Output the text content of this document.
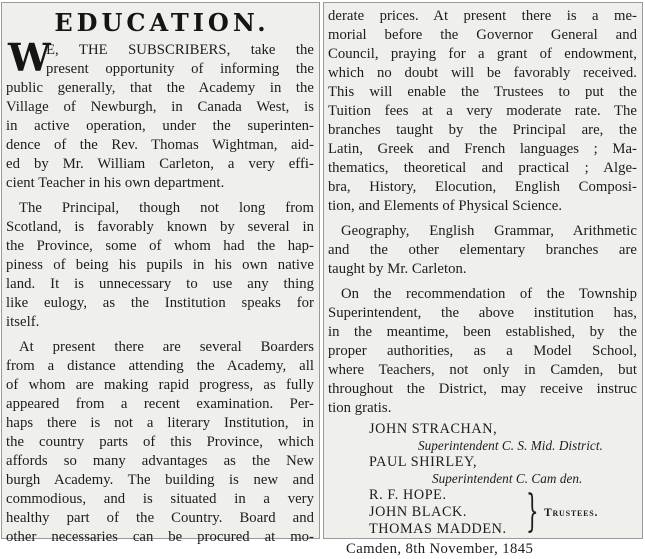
EDUCATION.
W
E, THE SUBSCRIBERS, take the
present opportunity of informing the
public generally, that the Academy in the
Village of Newburgh, in Canada West, is
in active operation, under the superinten-
dence of the Rev. Thomas Wightman, aid-
ed by Mr. William Carleton, a very effi-
cient Teacher in his own department.
The Principal, though not long from
Scotland, is favorably known by several in
the Province, some of whom had the hap-
piness of being his pupils in his own native
land. It is unnecessary to use any thing
like eulogy, as the Institution speaks for
itself.
At present there are several Boarders
from a distance attending the Academy, all
of whom are making rapid progress, as fully
appeared from a recent examination. Per-
haps there is not a literary Institution, in
the country parts of this Province, which
affords so many advantages as the New
burgh Academy. The building is new and
commodious, and is situated in a very
healthy part of the Country. Board and
other necessaries can be procured at mo-
derate prices. At present there is a me-
morial before the Governor General and
Council, praying for a grant of endowment,
which no doubt will be favorably received.
This will enable the Trustees to put the
Tuition fees at a very moderate rate. The
branches taught by the Principal are, the
Latin, Greek and French languages ; Ma-
thematics, theoretical and practical ; Alge-
bra, History, Elocution, English Composi-
tion, and Elements of Physical Science.
Geography, English Grammar, Arithmetic
and the other elementary branches are
taught by Mr. Carleton.
On the recommendation of the Township
Superintendent, the above institution has,
in the meantime, been established, by the
proper authorities, as a Model School,
where Teachers, not only in Camden, but
throughout the District, may receive instruc
tion gratis.
JOHN STRACHAN,
Superintendent C. S. Mid. District.
PAUL SHIRLEY,
Superintendent C. Cam den.
R. F. HOPE.
JOHN BLACK.
THOMAS MADDEN. } Trustees.
Camden, 8th November, 1845
